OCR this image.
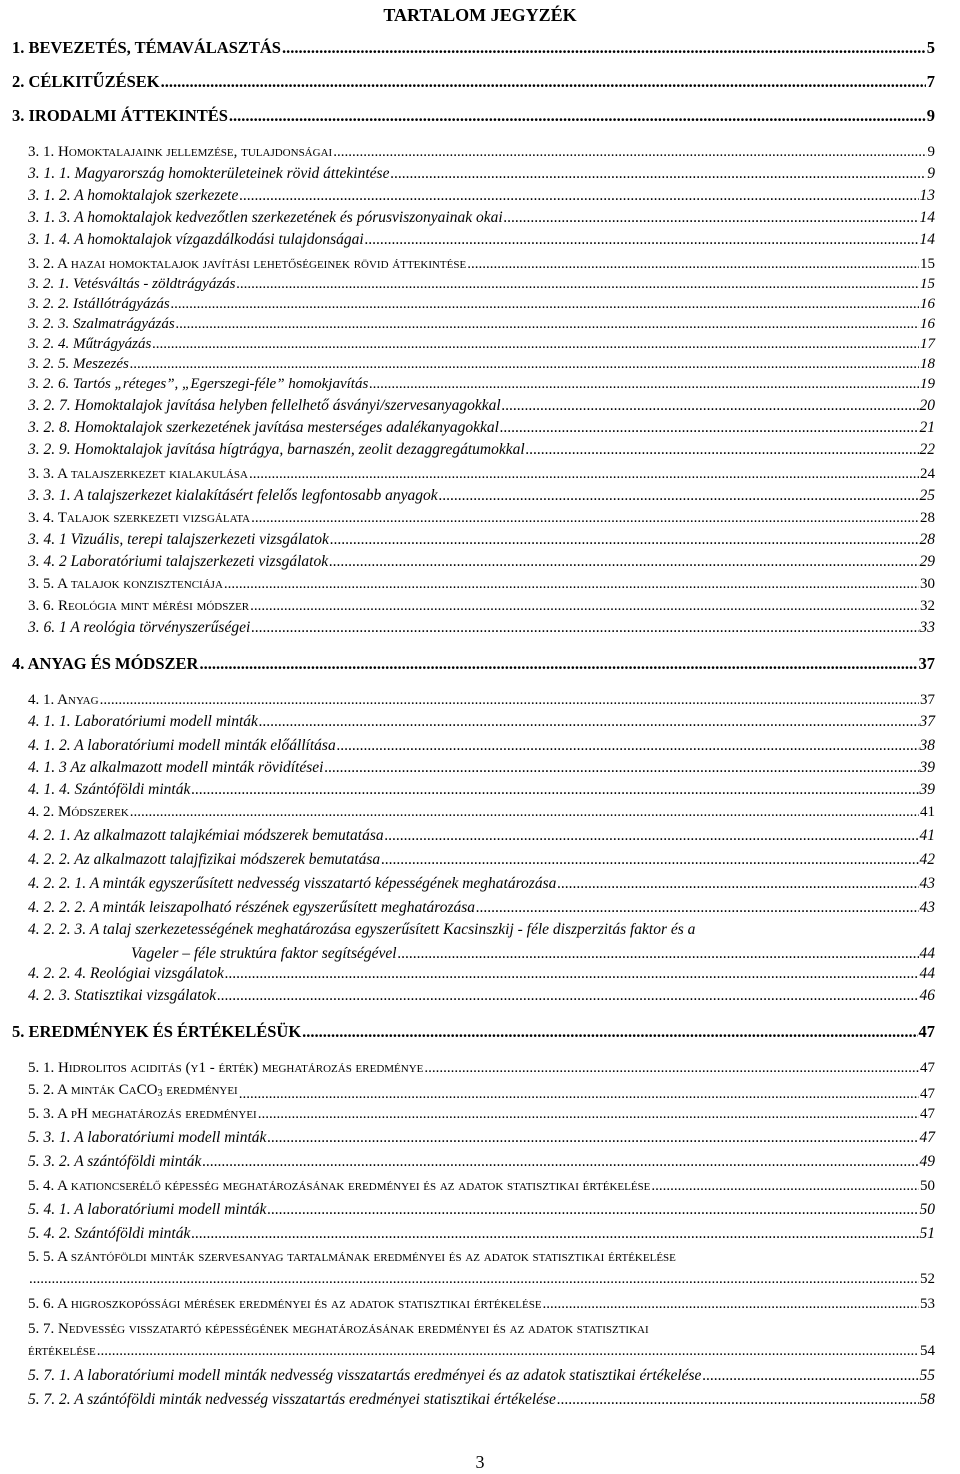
TARTALOM JEGYZÉK
1. BEVEZETÉS, TÉMAVÁLASZTÁS .....	5
2. CÉLKITŰZÉSEK .....	7
3. IRODALMI ÁTTEKINTÉS .....	9
3. 1. Homoktalajaink jellemzése, tulajdonságai .....	9
3. 1. 1. Magyarország homokterületeinek rövid áttekintése .....	9
3. 1. 2. A homoktalajok szerkezete .....	13
3. 1. 3. A homoktalajok kedvezőtlen szerkezetének és pórusviszonyainak okai .....	14
3. 1. 4. A homoktalajok vízgazdálkodási tulajdonságai .....	14
3. 2. A hazai homoktalajok javítási lehetőségeinek rövid áttekintése .....	15
3. 2. 1. Vetésváltás - zöldtrágyázás .....	15
3. 2. 2. Istállótrágyázás .....	16
3. 2. 3. Szalmatrágyázás .....	16
3. 2. 4. Műtrágyázás .....	17
3. 2. 5. Meszezés .....	18
3. 2. 6. Tartós „réteges”, „Egerszegi-féle” homokjavítás .....	19
3. 2. 7. Homoktalajok javítása helyben fellelhető ásványi/szervesanyagokkal .....	20
3. 2. 8. Homoktalajok szerkezetének javítása mesterséges adalékanyagokkal .....	21
3. 2. 9. Homoktalajok javítása hígtrágya, barnaszén, zeolit dezaggregátumokkal .....	22
3. 3. A talajszerkezet kialakulása .....	24
3. 3. 1. A talajszerkezet kialakításért felelős legfontosabb anyagok .....	25
3. 4. Talajok szerkezeti vizsgálata .....	28
3. 4. 1 Vizuális, terepi talajszerkezeti vizsgálatok .....	28
3. 4. 2 Laboratóriumi talajszerkezeti vizsgálatok .....	29
3. 5. A talajok konzisztenciája .....	30
3. 6. Reológia mint mérési módszer .....	32
3. 6. 1 A reológia törvényszerűségei .....	33
4. ANYAG ÉS MÓDSZER .....	37
4. 1. Anyag .....	37
4. 1. 1. Laboratóriumi modell minták .....	37
4. 1. 2. A laboratóriumi modell minták előállítása .....	38
4. 1. 3 Az alkalmazott modell minták rövidítései .....	39
4. 1. 4. Szántóföldi minták .....	39
4. 2. Módszerek .....	41
4. 2. 1. Az alkalmazott talajkémiai módszerek bemutatása .....	41
4. 2. 2. Az alkalmazott talajfizikai módszerek bemutatása .....	42
4. 2. 2. 1. A minták egyszerűsített nedvesség visszatartó képességének meghatározása .....	43
4. 2. 2. 2. A minták leiszapolható részének egyszerűsített meghatározása .....	43
4. 2. 2. 3. A talaj szerkezetességének meghatározása egyszerűsített Kacsinszkij - féle diszperzitás faktor és a
Vageler – féle struktúra faktor segítségével .....	44
4. 2. 2. 4. Reológiai vizsgálatok .....	44
4. 2. 3. Statisztikai vizsgálatok .....	46
5. EREDMÉNYEK ÉS ÉRTÉKELÉSÜK .....	47
5. 1. Hidrolitos aciditás (y1 - érték) meghatározás eredménye .....	47
5. 2. A minták CaCO$_3$ eredményei .....	47
5. 3. A pH meghatározás eredményei .....	47
5. 3. 1. A laboratóriumi modell minták .....	47
5. 3. 2. A szántóföldi minták .....	49
5. 4. A kationcserélő képesség meghatározásának eredményei és az adatok statisztikai értékelése .....	50
5. 4. 1. A laboratóriumi modell minták .....	50
5. 4. 2. Szántóföldi minták .....	51
5. 5. A szántóföldi minták szervesanyag tartalmának eredményei és az adatok statisztikai értékelése
.....
52
5. 6. A higroszkopóssági mérések eredményei és az adatok statisztikai értékelése .....	53
5. 7. Nedvesség visszatartó képességének meghatározásának eredményei és az adatok statisztikai
értékelése .....	54
5. 7. 1. A laboratóriumi modell minták nedvesség visszatartás eredményei és az adatok statisztikai értékelése .....	55
5. 7. 2. A szántóföldi minták nedvesség visszatartás eredményei statisztikai értékelése .....	58
3
